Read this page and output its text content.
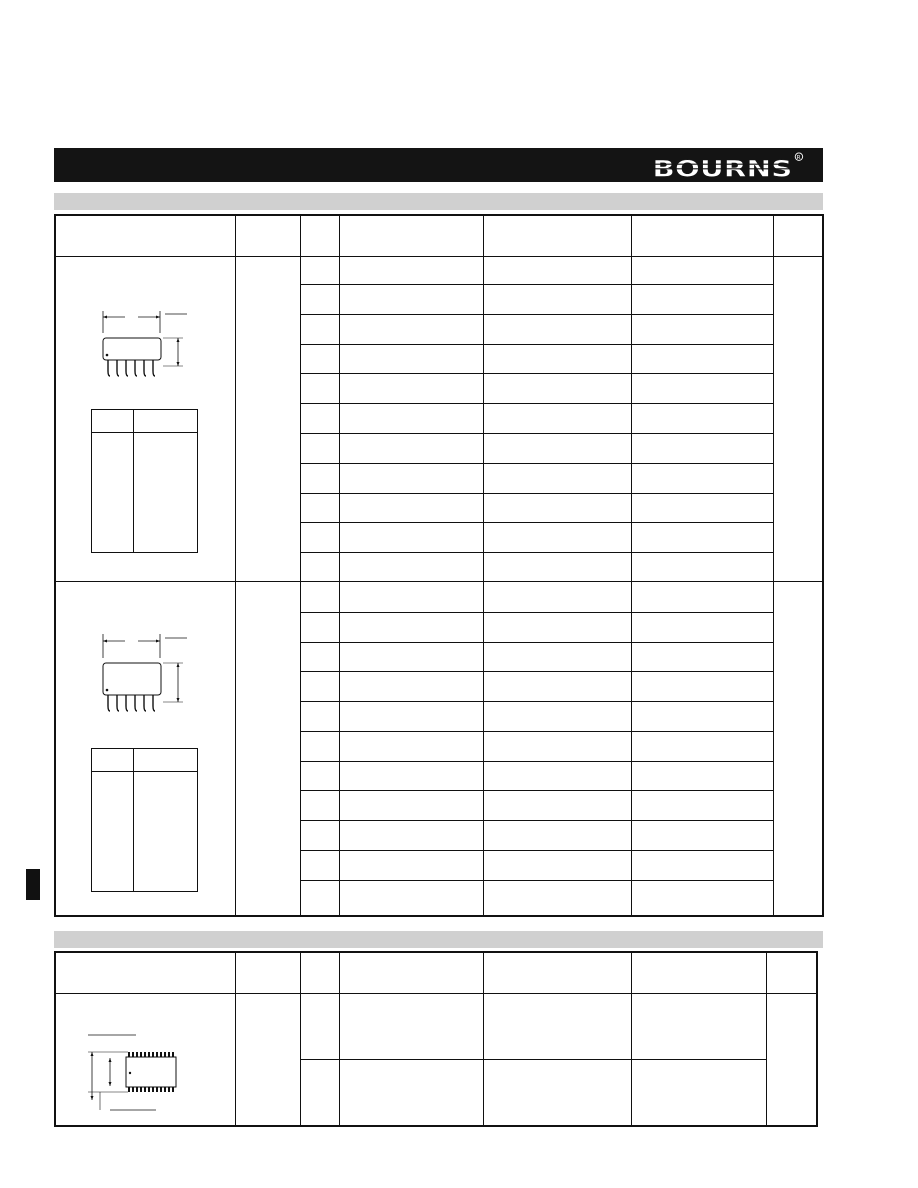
BOURNS R
